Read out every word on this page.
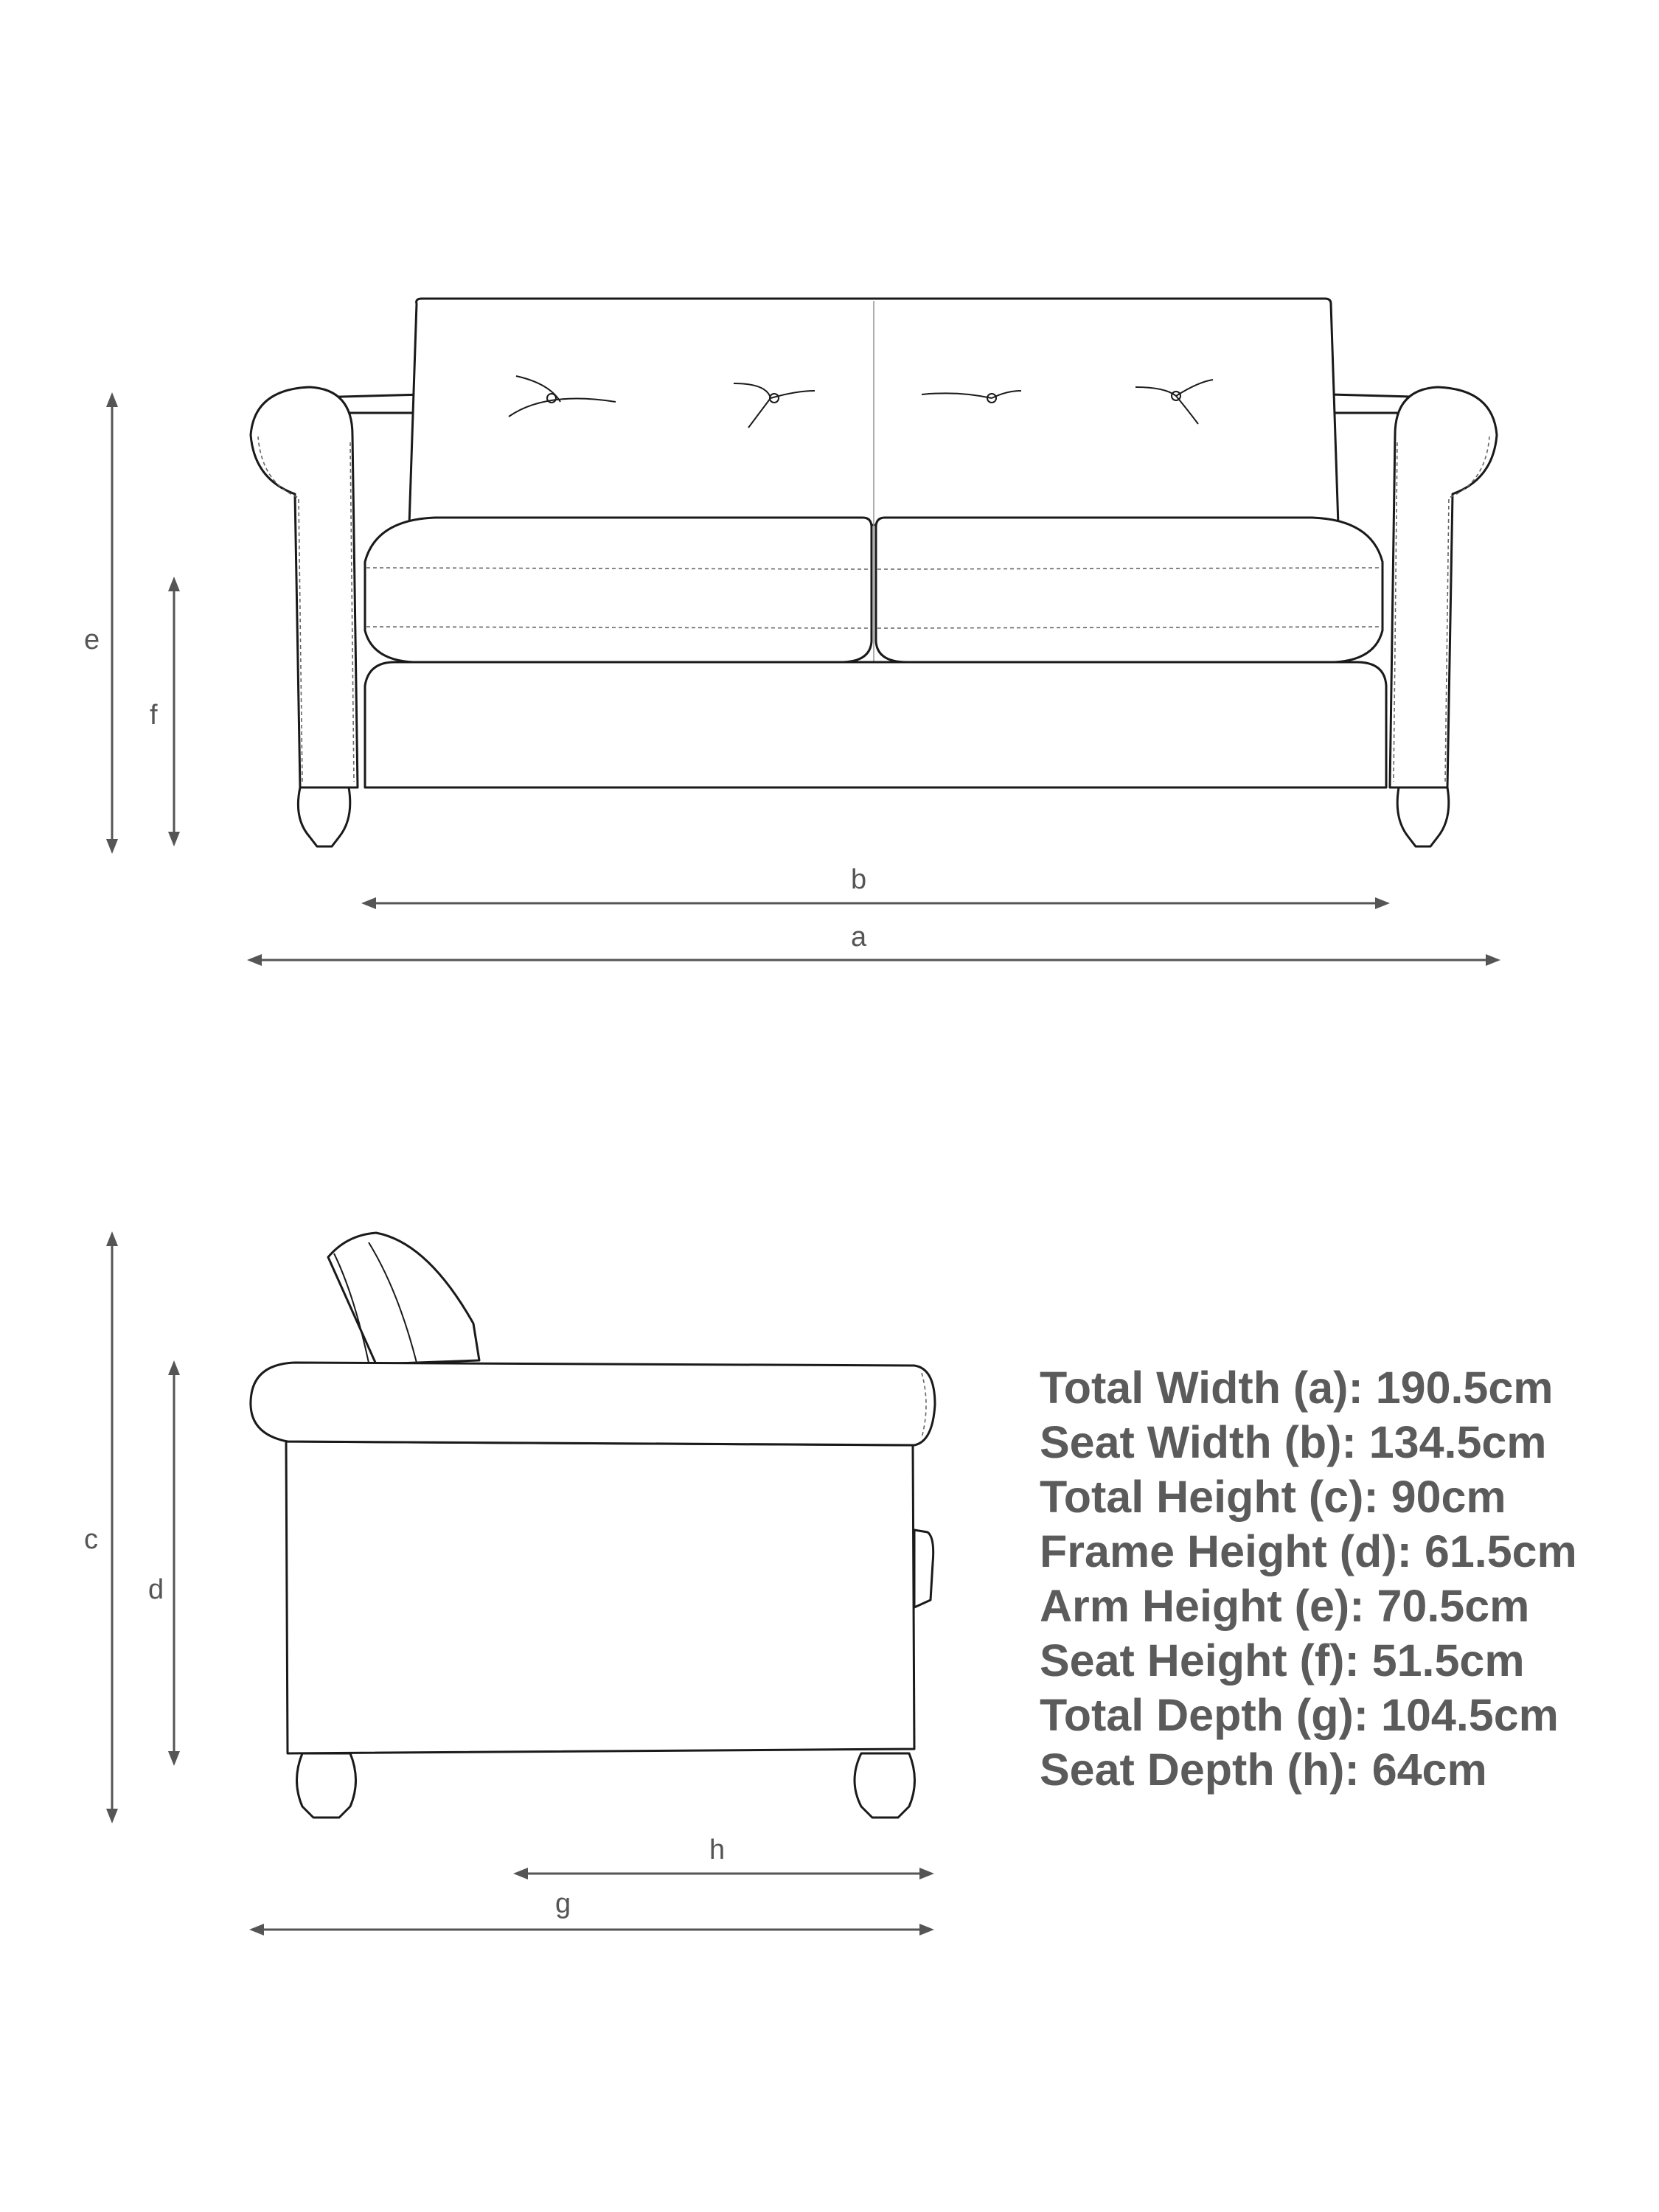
e
f
b
a
c
d
h
g
Total Width (a): 190.5cm
Seat Width (b): 134.5cm
Total Height (c): 90cm
Frame Height (d): 61.5cm
Arm Height (e): 70.5cm
Seat Height (f): 51.5cm
Total Depth (g): 104.5cm
Seat Depth (h): 64cm
